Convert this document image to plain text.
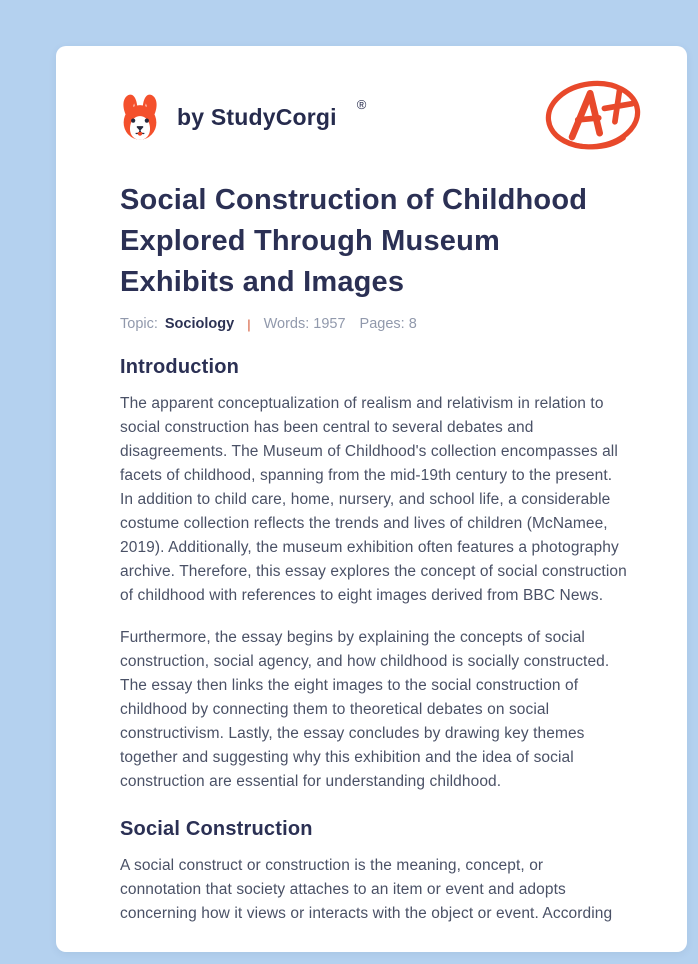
by StudyCorgi ®
Social Construction of Childhood
Explored Through Museum
Exhibits and Images
Topic: Sociology | Words: 1957 Pages: 8
Introduction

The apparent conceptualization of realism and relativism in relation to
social construction has been central to several debates and
disagreements. The Museum of Childhood's collection encompasses all
facets of childhood, spanning from the mid-19th century to the present.
In addition to child care, home, nursery, and school life, a considerable
costume collection reflects the trends and lives of children (McNamee,
2019). Additionally, the museum exhibition often features a photography
archive. Therefore, this essay explores the concept of social construction
of childhood with references to eight images derived from BBC News.

Furthermore, the essay begins by explaining the concepts of social
construction, social agency, and how childhood is socially constructed.
The essay then links the eight images to the social construction of
childhood by connecting them to theoretical debates on social
constructivism. Lastly, the essay concludes by drawing key themes
together and suggesting why this exhibition and the idea of social
construction are essential for understanding childhood.

Social Construction

A social construct or construction is the meaning, concept, or
connotation that society attaches to an item or event and adopts
concerning how it views or interacts with the object or event. According
